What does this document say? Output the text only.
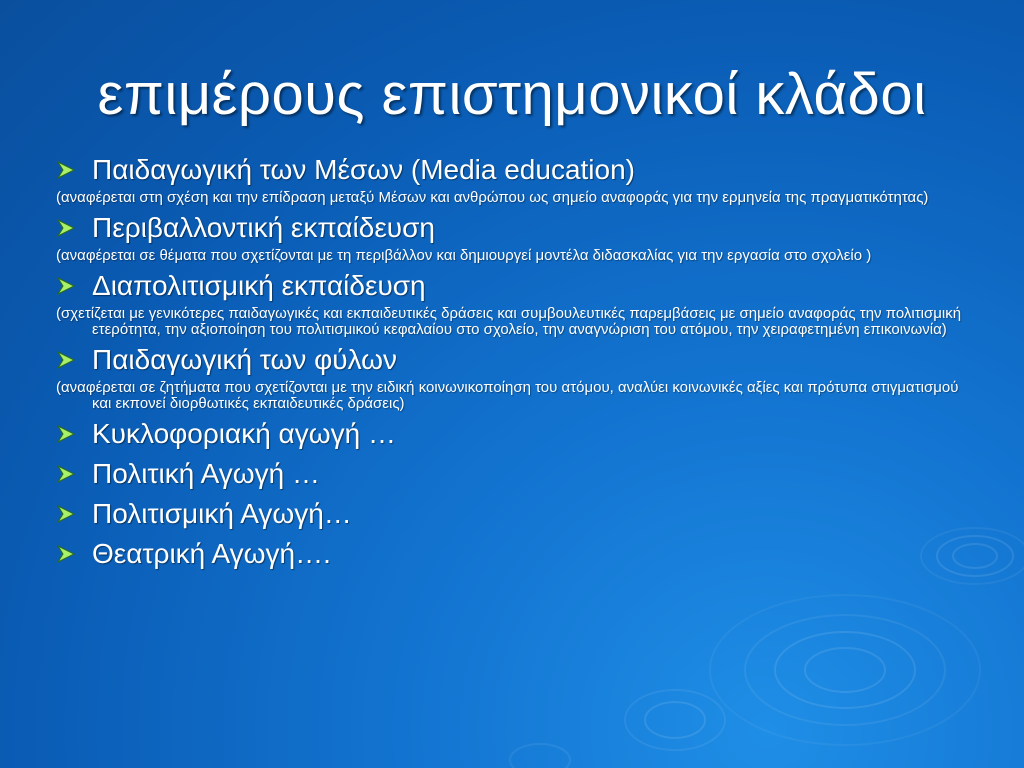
επιμέρους επιστημονικοί κλάδοι
Παιδαγωγική των Μέσων (Media education)
(αναφέρεται στη σχέση και την επίδραση μεταξύ Μέσων και ανθρώπου ως σημείο αναφοράς για την ερμηνεία της πραγματικότητας)
Περιβαλλοντική εκπαίδευση
(αναφέρεται σε θέματα που σχετίζονται με τη περιβάλλον και δημιουργεί μοντέλα διδασκαλίας για την εργασία στο σχολείο )
Διαπολιτισμική εκπαίδευση
(σχετίζεται με γενικότερες παιδαγωγικές και εκπαιδευτικές δράσεις και συμβουλευτικές παρεμβάσεις με σημείο αναφοράς την πολιτισμική ετερότητα, την αξιοποίηση του πολιτισμικού κεφαλαίου στο σχολείο, την αναγνώριση του ατόμου, την χειραφετημένη επικοινωνία)
Παιδαγωγική των φύλων
(αναφέρεται σε ζητήματα που σχετίζονται με την ειδική κοινωνικοποίηση του ατόμου, αναλύει κοινωνικές αξίες και πρότυπα στιγματισμού και εκπονεί διορθωτικές εκπαιδευτικές δράσεις)
Κυκλοφοριακή αγωγή …
Πολιτική Αγωγή …
Πολιτισμική Αγωγή…
Θεατρική Αγωγή….
